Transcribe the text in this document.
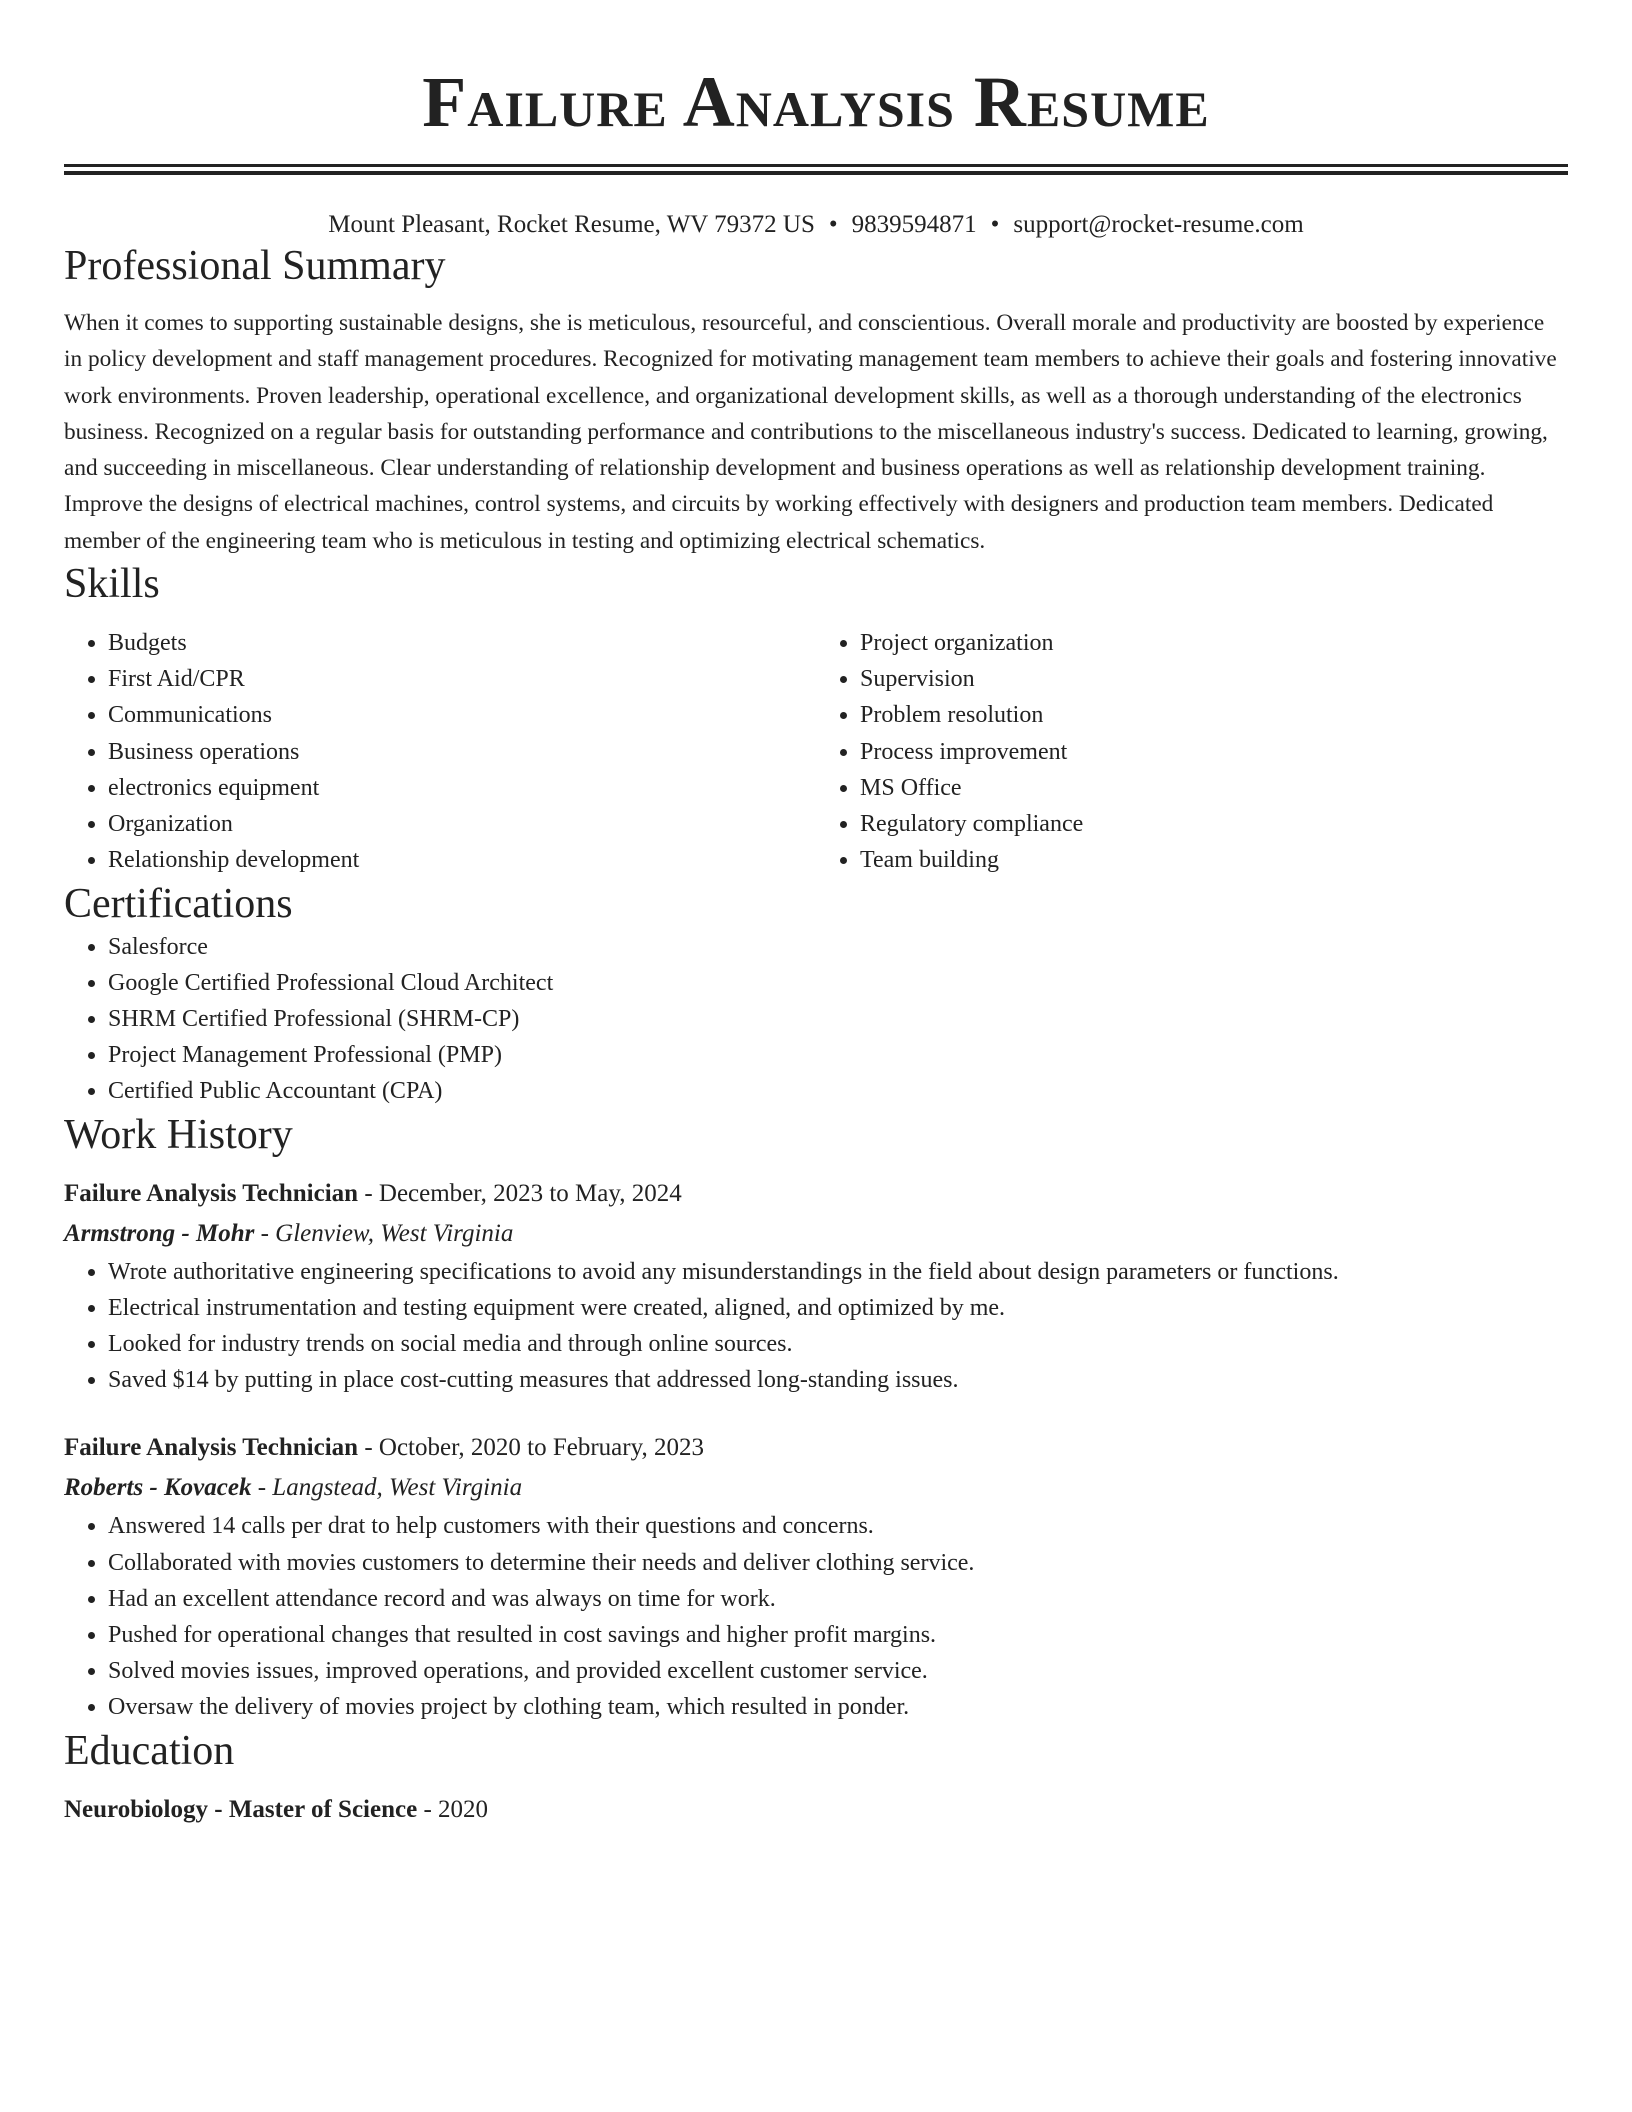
Failure Analysis Resume
Mount Pleasant, Rocket Resume, WV 79372 US • 9839594871 • support@rocket-resume.com
Professional Summary

When it comes to supporting sustainable designs, she is meticulous, resourceful, and conscientious. Overall morale and productivity are boosted by experience in policy development and staff management procedures. Recognized for motivating management team members to achieve their goals and fostering innovative work environments. Proven leadership, operational excellence, and organizational development skills, as well as a thorough understanding of the electronics business. Recognized on a regular basis for outstanding performance and contributions to the miscellaneous industry's success. Dedicated to learning, growing, and succeeding in miscellaneous. Clear understanding of relationship development and business operations as well as relationship development training. Improve the designs of electrical machines, control systems, and circuits by working effectively with designers and production team members. Dedicated member of the engineering team who is meticulous in testing and optimizing electrical schematics.

Skills
• Budgets
• First Aid/CPR
• Communications
• Business operations
• electronics equipment
• Organization
• Relationship development
• Project organization
• Supervision
• Problem resolution
• Process improvement
• MS Office
• Regulatory compliance
• Team building
Certifications
• Salesforce
• Google Certified Professional Cloud Architect
• SHRM Certified Professional (SHRM-CP)
• Project Management Professional (PMP)
• Certified Public Accountant (CPA)
Work History
Failure Analysis Technician - December, 2023 to May, 2024
Armstrong - Mohr - Glenview, West Virginia
• Wrote authoritative engineering specifications to avoid any misunderstandings in the field about design parameters or functions.
• Electrical instrumentation and testing equipment were created, aligned, and optimized by me.
• Looked for industry trends on social media and through online sources.
• Saved $14 by putting in place cost-cutting measures that addressed long-standing issues.
Failure Analysis Technician - October, 2020 to February, 2023
Roberts - Kovacek - Langstead, West Virginia
• Answered 14 calls per drat to help customers with their questions and concerns.
• Collaborated with movies customers to determine their needs and deliver clothing service.
• Had an excellent attendance record and was always on time for work.
• Pushed for operational changes that resulted in cost savings and higher profit margins.
• Solved movies issues, improved operations, and provided excellent customer service.
• Oversaw the delivery of movies project by clothing team, which resulted in ponder.
Education
Neurobiology - Master of Science - 2020
